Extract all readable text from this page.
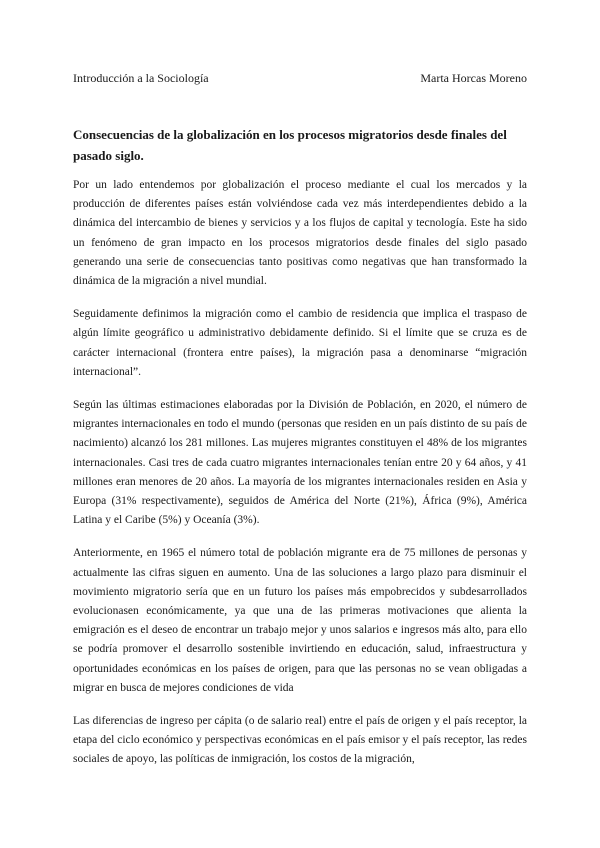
Introducción a la Sociología	Marta Horcas Moreno
Consecuencias de la globalización en los procesos migratorios desde finales del pasado siglo.

Por un lado entendemos por globalización el proceso mediante el cual los mercados y la producción de diferentes países están volviéndose cada vez más interdependientes debido a la dinámica del intercambio de bienes y servicios y a los flujos de capital y tecnología. Este ha sido un fenómeno de gran impacto en los procesos migratorios desde finales del siglo pasado generando una serie de consecuencias tanto positivas como negativas que han transformado la dinámica de la migración a nivel mundial.

Seguidamente definimos la migración como el cambio de residencia que implica el traspaso de algún límite geográfico u administrativo debidamente definido. Si el límite que se cruza es de carácter internacional (frontera entre países), la migración pasa a denominarse “migración internacional”.

Según las últimas estimaciones elaboradas por la División de Población, en 2020, el número de migrantes internacionales en todo el mundo (personas que residen en un país distinto de su país de nacimiento) alcanzó los 281 millones. Las mujeres migrantes constituyen el 48% de los migrantes internacionales. Casi tres de cada cuatro migrantes internacionales tenían entre 20 y 64 años, y 41 millones eran menores de 20 años. La mayoría de los migrantes internacionales residen en Asia y Europa (31% respectivamente), seguidos de América del Norte (21%), África (9%), América Latina y el Caribe (5%) y Oceanía (3%).

Anteriormente, en 1965 el número total de población migrante era de 75 millones de personas y actualmente las cifras siguen en aumento. Una de las soluciones a largo plazo para disminuir el movimiento migratorio sería que en un futuro los países más empobrecidos y subdesarrollados evolucionasen económicamente, ya que una de las primeras motivaciones que alienta la emigración es el deseo de encontrar un trabajo mejor y unos salarios e ingresos más alto, para ello se podría promover el desarrollo sostenible invirtiendo en educación, salud, infraestructura y oportunidades económicas en los países de origen, para que las personas no se vean obligadas a migrar en busca de mejores condiciones de vida

Las diferencias de ingreso per cápita (o de salario real) entre el país de origen y el país receptor, la etapa del ciclo económico y perspectivas económicas en el país emisor y el país receptor, las redes sociales de apoyo, las políticas de inmigración, los costos de la migración,
